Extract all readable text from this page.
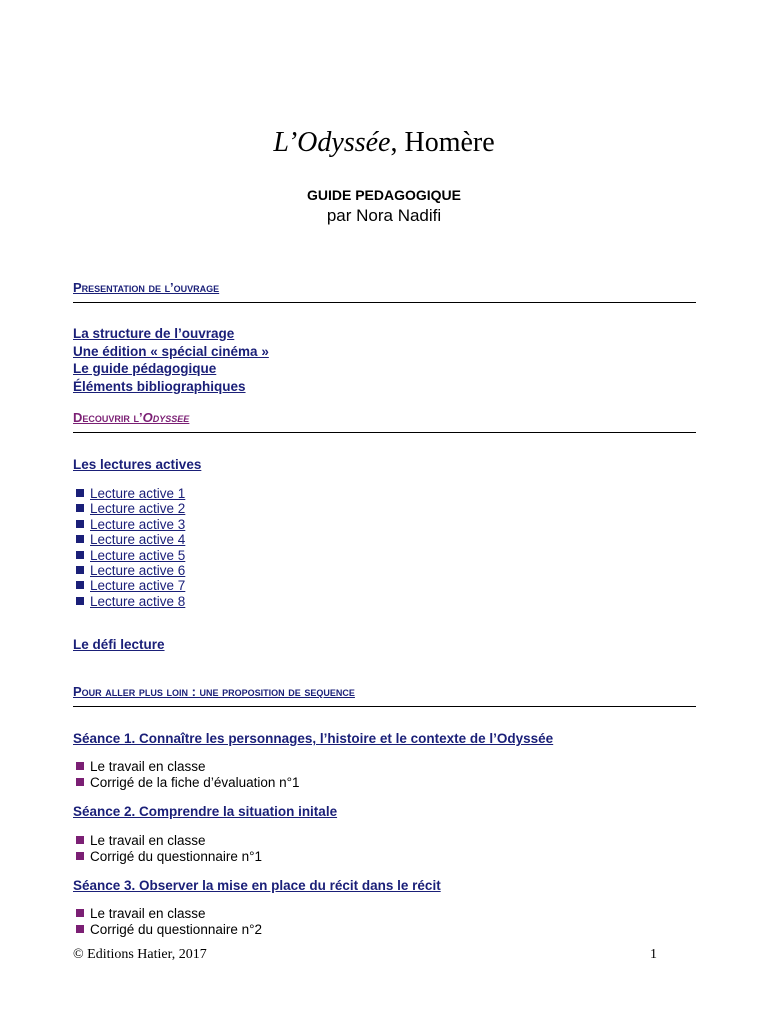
L’Odyssée, Homère
GUIDE PEDAGOGIQUE
par Nora Nadifi
Presentation de l’ouvrage
La structure de l’ouvrage
Une édition « spécial cinéma »
Le guide pédagogique
Éléments bibliographiques
Decouvrir l’Odyssee
Les lectures actives
Lecture active 1
Lecture active 2
Lecture active 3
Lecture active 4
Lecture active 5
Lecture active 6
Lecture active 7
Lecture active 8
Le défi lecture
Pour aller plus loin : une proposition de sequence
Séance 1. Connaître les personnages, l’histoire et le contexte de l’Odyssée
Le travail en classe
Corrigé de la fiche d’évaluation n°1
Séance 2. Comprendre la situation initale
Le travail en classe
Corrigé du questionnaire n°1
Séance 3. Observer la mise en place du récit dans le récit
Le travail en classe
Corrigé du questionnaire n°2
© Editions Hatier, 2017	1
